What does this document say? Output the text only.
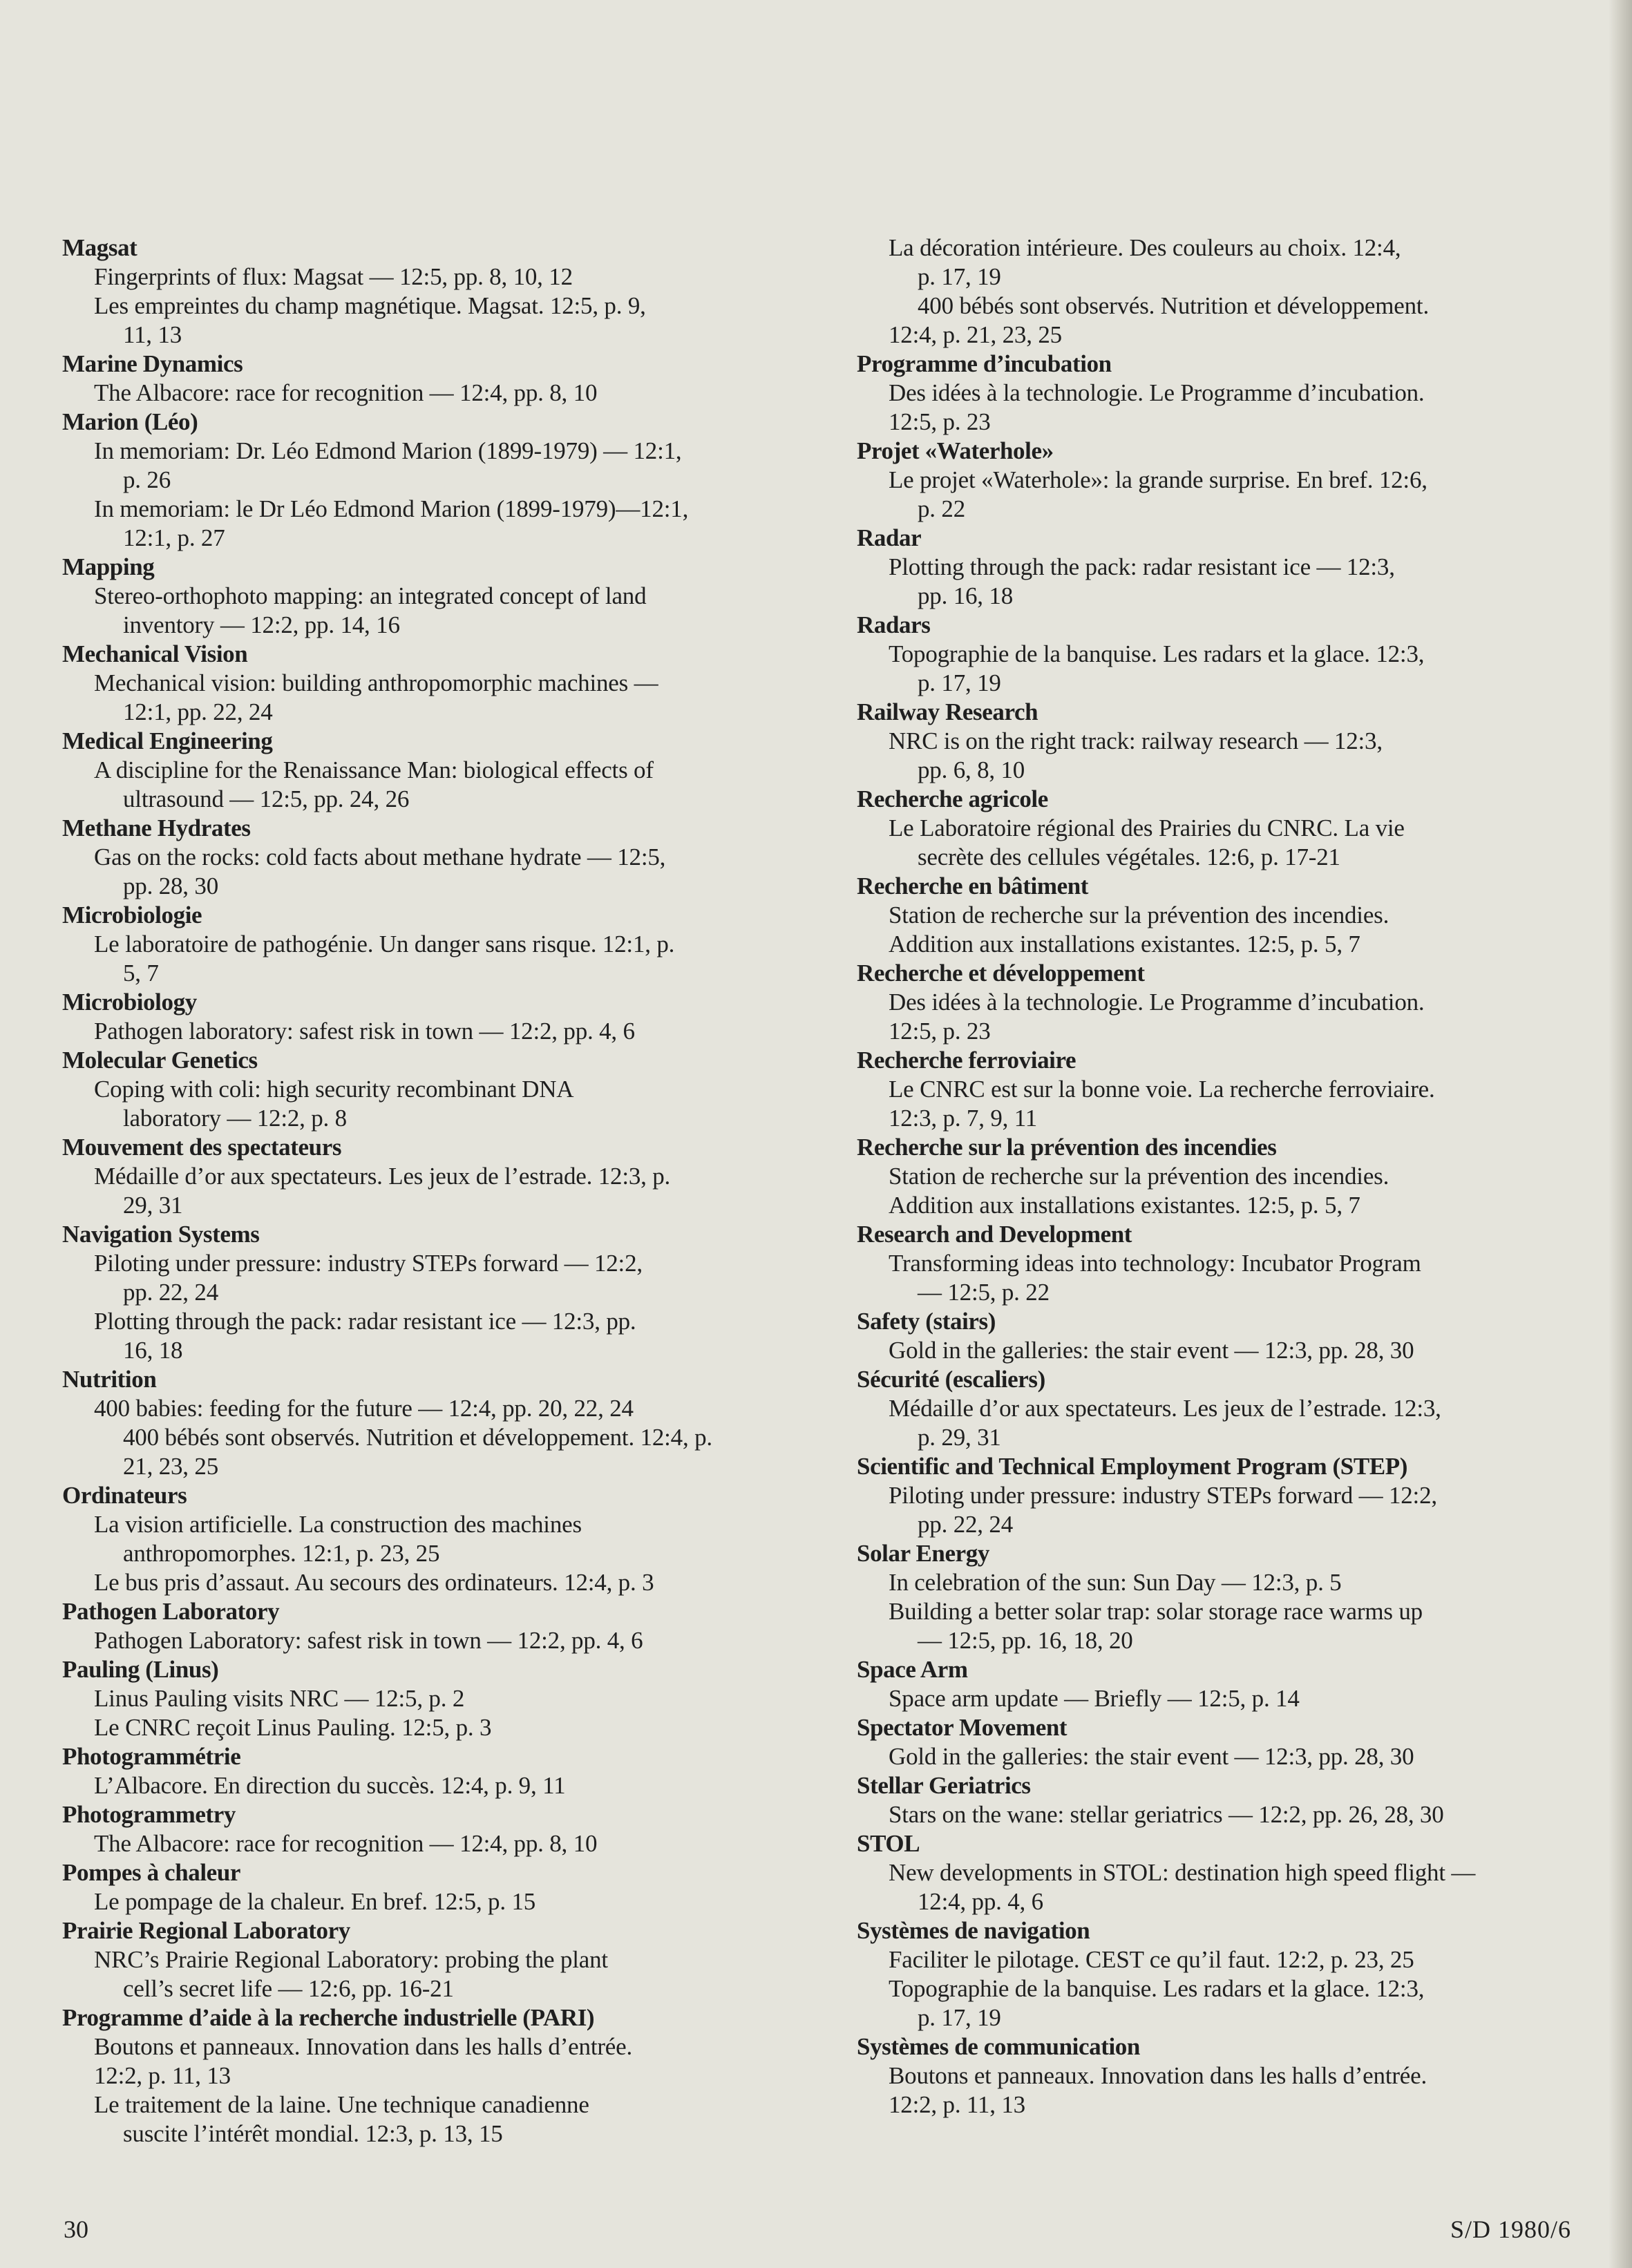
Magsat
Fingerprints of flux: Magsat — 12:5, pp. 8, 10, 12
Les empreintes du champ magnétique. Magsat. 12:5, p. 9,
11, 13
Marine Dynamics
The Albacore: race for recognition — 12:4, pp. 8, 10
Marion (Léo)
In memoriam: Dr. Léo Edmond Marion (1899-1979) — 12:1,
p. 26
In memoriam: le Dr Léo Edmond Marion (1899-1979)—12:1,
12:1, p. 27
Mapping
Stereo-orthophoto mapping: an integrated concept of land
inventory — 12:2, pp. 14, 16
Mechanical Vision
Mechanical vision: building anthropomorphic machines —
12:1, pp. 22, 24
Medical Engineering
A discipline for the Renaissance Man: biological effects of
ultrasound — 12:5, pp. 24, 26
Methane Hydrates
Gas on the rocks: cold facts about methane hydrate — 12:5,
pp. 28, 30
Microbiologie
Le laboratoire de pathogénie. Un danger sans risque. 12:1, p.
5, 7
Microbiology
Pathogen laboratory: safest risk in town — 12:2, pp. 4, 6
Molecular Genetics
Coping with coli: high security recombinant DNA
laboratory — 12:2, p. 8
Mouvement des spectateurs
Médaille d’or aux spectateurs. Les jeux de l’estrade. 12:3, p.
29, 31
Navigation Systems
Piloting under pressure: industry STEPs forward — 12:2,
pp. 22, 24
Plotting through the pack: radar resistant ice — 12:3, pp.
16, 18
Nutrition
400 babies: feeding for the future — 12:4, pp. 20, 22, 24
400 bébés sont observés. Nutrition et développement. 12:4, p.
21, 23, 25
Ordinateurs
La vision artificielle. La construction des machines
anthropomorphes. 12:1, p. 23, 25
Le bus pris d’assaut. Au secours des ordinateurs. 12:4, p. 3
Pathogen Laboratory
Pathogen Laboratory: safest risk in town — 12:2, pp. 4, 6
Pauling (Linus)
Linus Pauling visits NRC — 12:5, p. 2
Le CNRC reçoit Linus Pauling. 12:5, p. 3
Photogrammétrie
L’Albacore. En direction du succès. 12:4, p. 9, 11
Photogrammetry
The Albacore: race for recognition — 12:4, pp. 8, 10
Pompes à chaleur
Le pompage de la chaleur. En bref. 12:5, p. 15
Prairie Regional Laboratory
NRC’s Prairie Regional Laboratory: probing the plant
cell’s secret life — 12:6, pp. 16-21
Programme d’aide à la recherche industrielle (PARI)
Boutons et panneaux. Innovation dans les halls d’entrée.
12:2, p. 11, 13
Le traitement de la laine. Une technique canadienne
suscite l’intérêt mondial. 12:3, p. 13, 15
La décoration intérieure. Des couleurs au choix. 12:4,
p. 17, 19
400 bébés sont observés. Nutrition et développement.
12:4, p. 21, 23, 25
Programme d’incubation
Des idées à la technologie. Le Programme d’incubation.
12:5, p. 23
Projet «Waterhole»
Le projet «Waterhole»: la grande surprise. En bref. 12:6,
p. 22
Radar
Plotting through the pack: radar resistant ice — 12:3,
pp. 16, 18
Radars
Topographie de la banquise. Les radars et la glace. 12:3,
p. 17, 19
Railway Research
NRC is on the right track: railway research — 12:3,
pp. 6, 8, 10
Recherche agricole
Le Laboratoire régional des Prairies du CNRC. La vie
secrète des cellules végétales. 12:6, p. 17-21
Recherche en bâtiment
Station de recherche sur la prévention des incendies.
Addition aux installations existantes. 12:5, p. 5, 7
Recherche et développement
Des idées à la technologie. Le Programme d’incubation.
12:5, p. 23
Recherche ferroviaire
Le CNRC est sur la bonne voie. La recherche ferroviaire.
12:3, p. 7, 9, 11
Recherche sur la prévention des incendies
Station de recherche sur la prévention des incendies.
Addition aux installations existantes. 12:5, p. 5, 7
Research and Development
Transforming ideas into technology: Incubator Program
— 12:5, p. 22
Safety (stairs)
Gold in the galleries: the stair event — 12:3, pp. 28, 30
Sécurité (escaliers)
Médaille d’or aux spectateurs. Les jeux de l’estrade. 12:3,
p. 29, 31
Scientific and Technical Employment Program (STEP)
Piloting under pressure: industry STEPs forward — 12:2,
pp. 22, 24
Solar Energy
In celebration of the sun: Sun Day — 12:3, p. 5
Building a better solar trap: solar storage race warms up
— 12:5, pp. 16, 18, 20
Space Arm
Space arm update — Briefly — 12:5, p. 14
Spectator Movement
Gold in the galleries: the stair event — 12:3, pp. 28, 30
Stellar Geriatrics
Stars on the wane: stellar geriatrics — 12:2, pp. 26, 28, 30
STOL
New developments in STOL: destination high speed flight —
12:4, pp. 4, 6
Systèmes de navigation
Faciliter le pilotage. CEST ce qu’il faut. 12:2, p. 23, 25
Topographie de la banquise. Les radars et la glace. 12:3,
p. 17, 19
Systèmes de communication
Boutons et panneaux. Innovation dans les halls d’entrée.
12:2, p. 11, 13
30	S/D 1980/6
